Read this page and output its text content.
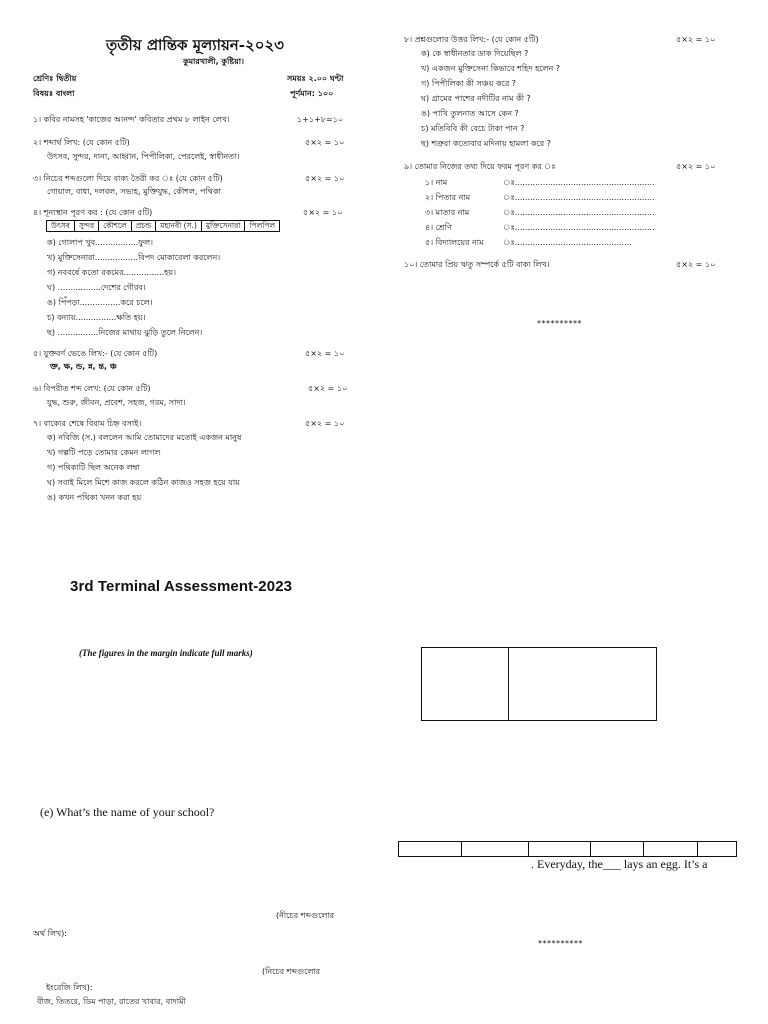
তৃতীয় প্রান্তিক মূল্যায়ন-২০২৩
কুমারখালী, কুষ্টিয়া।
শ্রেণিঃ দ্বিতীয়	সময়ঃ ২.০০ ঘন্টা
বিষয়ঃ বাংলা	পূর্ণমান: ১০০
১। কবির নামসহ 'কাজের আনন্দ' কবিতার প্রথম ৮ লাইন লেখ।	১+১+৮=১০
২। শব্দার্থ লিখ: (যে কোন ৫টি)	৫×২ = ১০
উৎসব, সুন্দর, দানা, আহ্বান, পিপীলিকা, পেরলেই, স্বাধীনতা।
৩। নিচের শব্দগুলো দিয়ে বাক্য তৈরী কর ঃ (যে কোন ৫টি)	৫×২ = ১০
গোয়াল, বাধা, দলবল, সভ্যহ, মুক্তিযুদ্ধ, কৌশল, পথিকা
৪। শূন্যস্থান পূরণ কর : (যে কোন ৫টি)	৫×২ = ১০
উৎসব	সুন্দর	কৌশলে	প্রচন্ড	মহানবী (স.)	মুক্তিসেনারা	পিলপিল
ক) গোলাপ খুব.................ফুল।
খ) মুক্তিসেনারা.................বিপদ মোকাবেলা করলেন।
গ) নববর্ষে কতো রকমের................হয়।
ঘ) .................দেশের গৌরব।
ঙ) পিঁপড়া................করে চলে।
চ) বন্যায়................ক্ষতি হয়।
ছ) ................নিজের মাথায় ঝুড়ি তুলে নিলেন।
৫। যুক্তবর্ণ ভেঙে লিখ:- (যে কোন ৫টি)	৫×২ = ১০
ক্ত, ক্ষ, ন্ড, ন্ন, ন্ত, ঞ্চ
৬। বিপরীত শব্দ লেখ: (যে কোন ৫টি)	৫×২ = ১০
যুদ্ধ, শুরু, জীবন, প্রবেশ, সহজ, গরম, সাদা।
৭। বাক্যের শেষে বিরাম চিহ্ন বসাই।	৫×২ = ১০
ক) নবিজি (স.) বললেন আমি তোমাদের মতোই একজন মানুষ
খ) গল্পটি পড়ে তোমার কেমন লাগল
গ) পথিকাটি ছিল অনেক লম্বা
ঘ) সবাই মিলে মিশে কাজ করলে কঠিন কাজও সহজ হয়ে যায়
ঙ) কখন পথিকা খনন করা হয়
৮। প্রশ্নগুলোর উত্তর লিখ:- (যে কোন ৫টি)	৫×২ = ১০
ক) কে স্বাধীনতার ডাক দিয়েছিল ?
খ) একজন মুক্তিসেনা কিভাবে শহিদ হলেন ?
গ) পিপীলিকা কী সঞ্চয় করে ?
ঘ) গ্রামের পাশের নদীটির নাম কী ?
ঙ) পাখি তুলনাত আসে কেন ?
চ) মতিবিবি কী বেচে টাকা পান ?
ছ) শত্রুরা কতোবার মদিনায় হামলা করে ?
৯। তোমার নিজের তথ্য দিয়ে ফরম পূরণ কর ঃ	৫×২ = ১০
১। নাম	ঃ.......................................................
২। পিতার নাম	ঃ.......................................................
৩। মাতার নাম	ঃ.......................................................
৪। শ্রেণি	ঃ.......................................................
৫। বিদ্যালয়ের নাম ঃ..............................................
১০। তোমার প্রিয় ঋতু সম্পর্কে ৫টি বাক্য লিখ।	৫×২ = ১০
**********
3rd Terminal Assessment-2023
(The figures in the margin indicate full marks)
(e) What’s the name of your school?
. Everyday, the___ lays an egg. It’s a
(নীচের শব্দগুলোর
অর্থ লিখ):
**********
(নিচের শব্দগুলোর
ইংরেজি লিখ):
বীজ, তিতরে, ডিম পাড়া, রাতের খাবার, বাদামী
